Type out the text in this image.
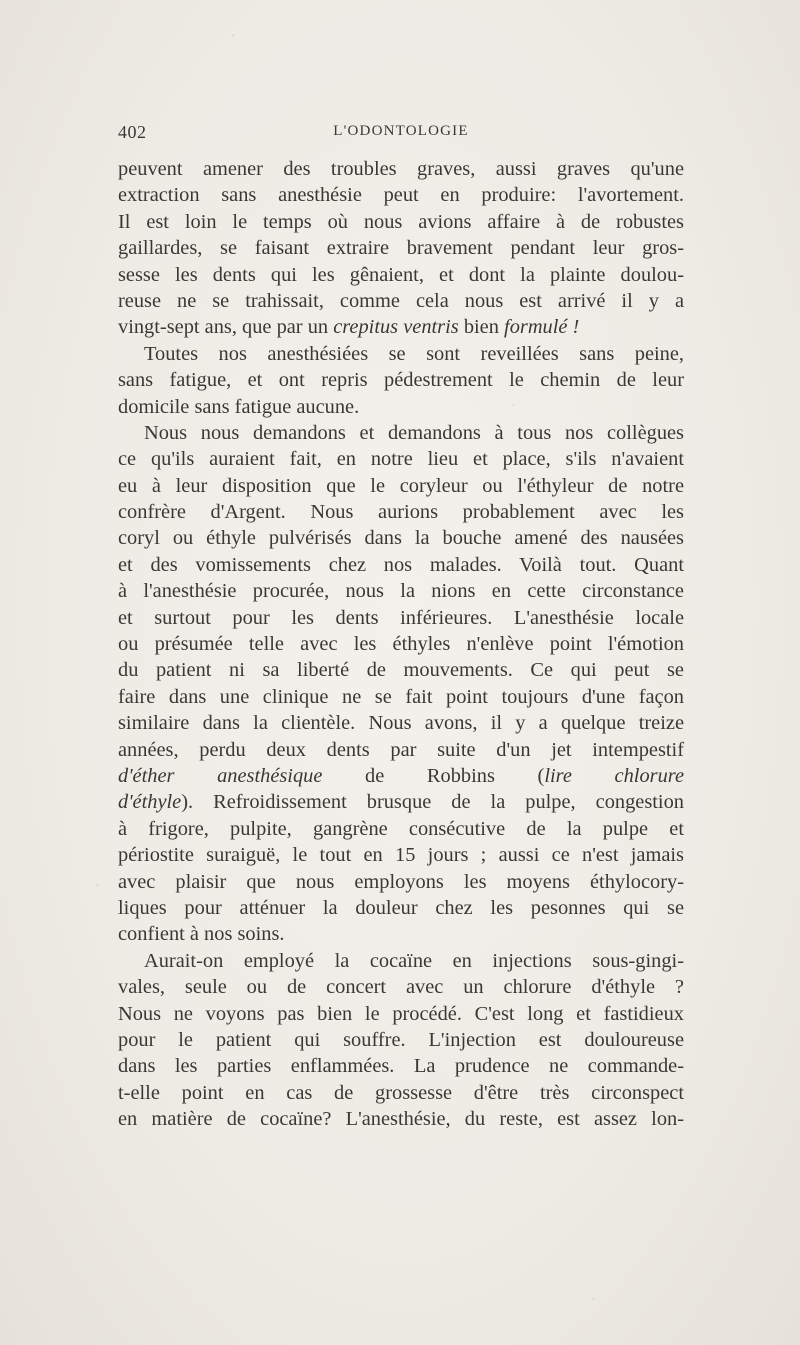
402	L'ODONTOLOGIE
peuvent amener des troubles graves, aussi graves qu'une
extraction sans anesthésie peut en produire: l'avortement.
Il est loin le temps où nous avions affaire à de robustes
gaillardes, se faisant extraire bravement pendant leur gros-
sesse les dents qui les gênaient, et dont la plainte doulou-
reuse ne se trahissait, comme cela nous est arrivé il y a
vingt-sept ans, que par un crepitus ventris bien formulé !
Toutes nos anesthésiées se sont reveillées sans peine,
sans fatigue, et ont repris pédestrement le chemin de leur
domicile sans fatigue aucune.
Nous nous demandons et demandons à tous nos collègues
ce qu'ils auraient fait, en notre lieu et place, s'ils n'avaient
eu à leur disposition que le coryleur ou l'éthyleur de notre
confrère d'Argent. Nous aurions probablement avec les
coryl ou éthyle pulvérisés dans la bouche amené des nausées
et des vomissements chez nos malades. Voilà tout. Quant
à l'anesthésie procurée, nous la nions en cette circonstance
et surtout pour les dents inférieures. L'anesthésie locale
ou présumée telle avec les éthyles n'enlève point l'émotion
du patient ni sa liberté de mouvements. Ce qui peut se
faire dans une clinique ne se fait point toujours d'une façon
similaire dans la clientèle. Nous avons, il y a quelque treize
années, perdu deux dents par suite d'un jet intempestif
d'éther anesthésique de Robbins (lire chlorure
d'éthyle). Refroidissement brusque de la pulpe, congestion
à frigore, pulpite, gangrène consécutive de la pulpe et
périostite suraiguë, le tout en 15 jours ; aussi ce n'est jamais
avec plaisir que nous employons les moyens éthylocory-
liques pour atténuer la douleur chez les pesonnes qui se
confient à nos soins.
Aurait-on employé la cocaïne en injections sous-gingi-
vales, seule ou de concert avec un chlorure d'éthyle ?
Nous ne voyons pas bien le procédé. C'est long et fastidieux
pour le patient qui souffre. L'injection est douloureuse
dans les parties enflammées. La prudence ne commande-
t-elle point en cas de grossesse d'être très circonspect
en matière de cocaïne? L'anesthésie, du reste, est assez lon-
